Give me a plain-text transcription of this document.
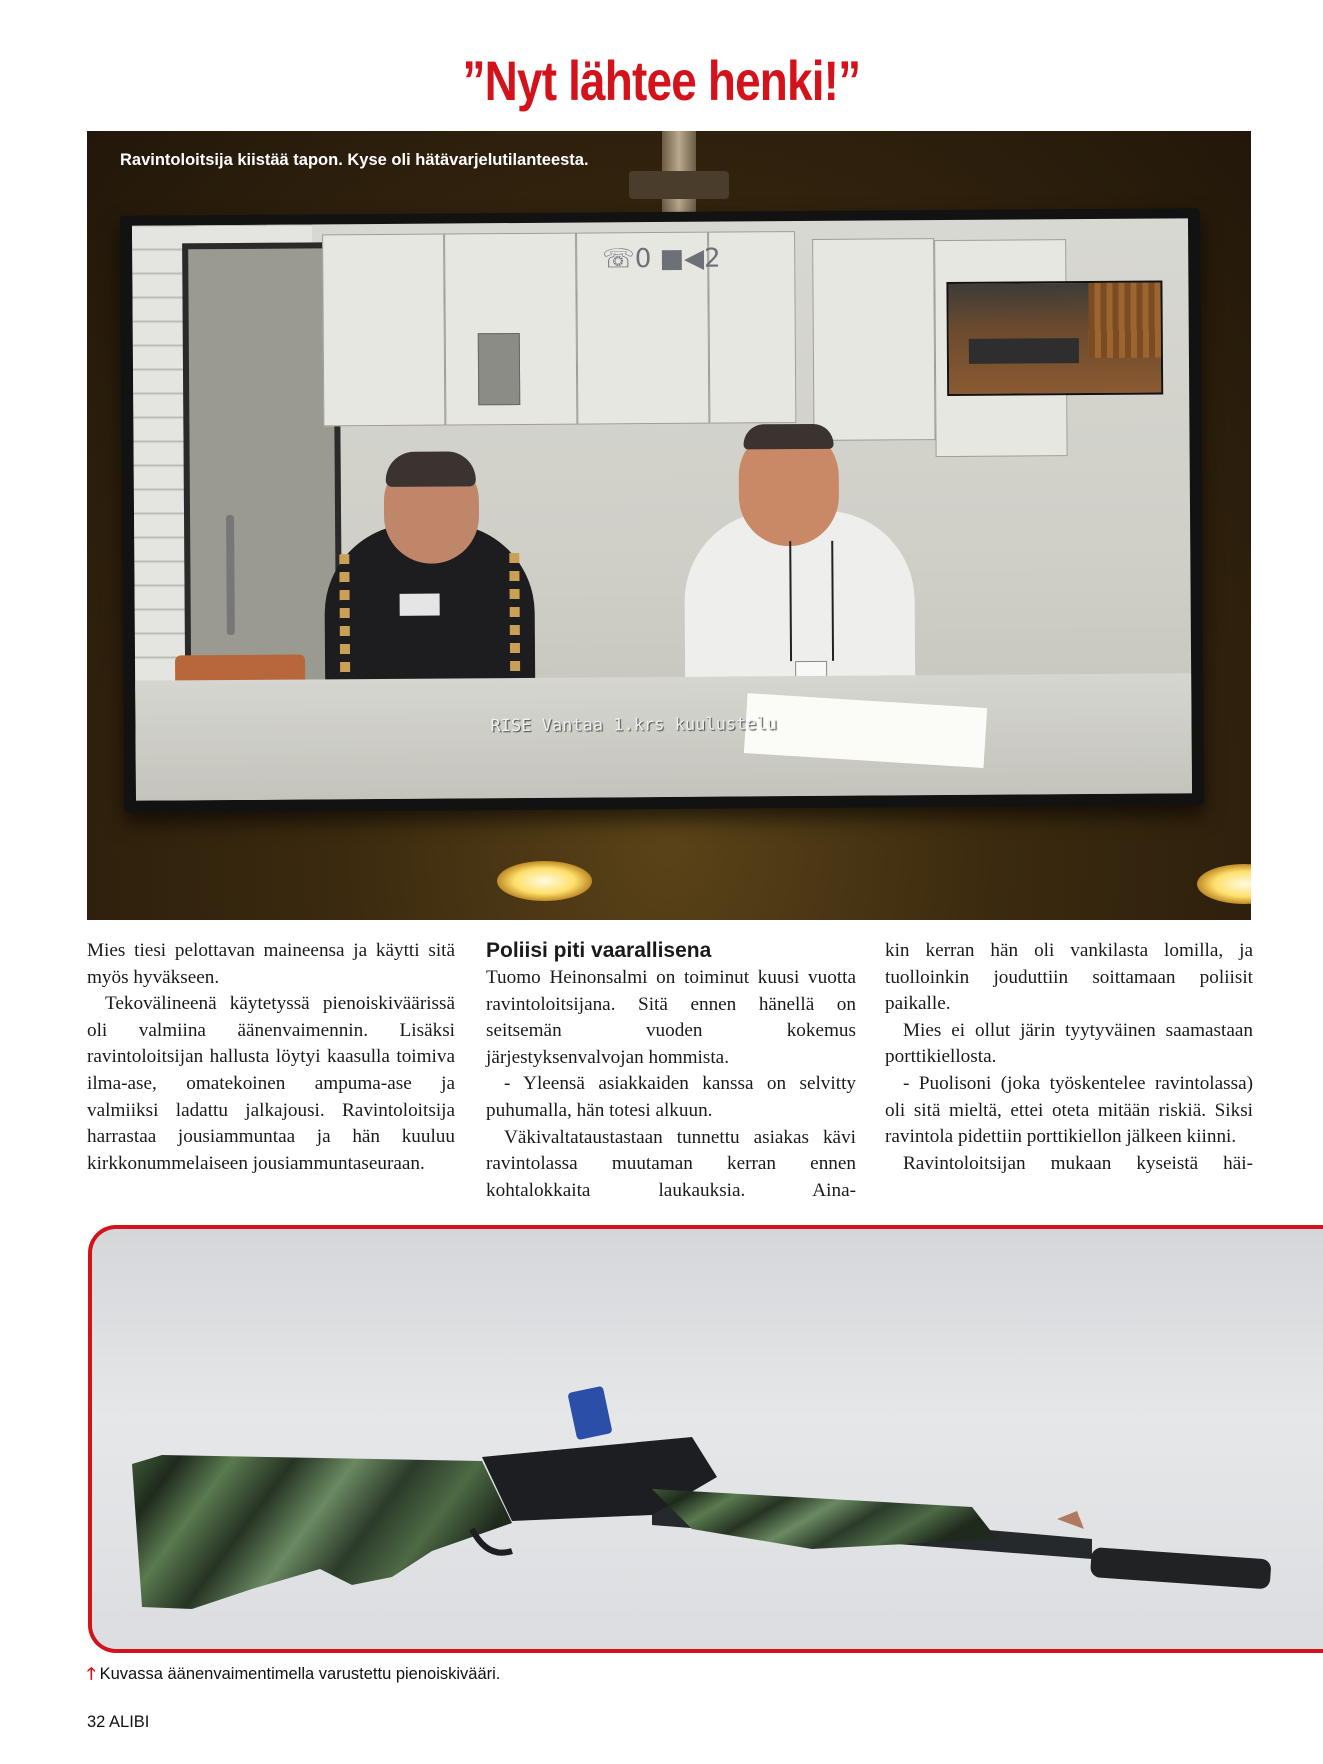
”Nyt lähtee henki!”
☏0 ■◀2
RISE Vantaa 1.krs kuulustelu
Ravintoloitsija kiistää tapon. Kyse oli hätävarjelutilanteesta.

Mies tiesi pelottavan maineensa ja käytti sitä myös hyväkseen.

Tekovälineenä käytetyssä pienoiskiväärissä oli valmiina äänenvaimennin. Lisäksi ravintoloitsijan hallusta löytyi kaasulla toimiva ilma-ase, omatekoinen ampuma-ase ja valmiiksi ladattu jalkajousi. Ravintoloitsija harrastaa jousiammuntaa ja hän kuuluu kirkkonummelaiseen jousiammuntaseuraan.

Poliisi piti vaarallisena

Tuomo Heinonsalmi on toiminut kuusi vuotta ravintoloitsijana. Sitä ennen hänellä on seitsemän vuoden kokemus järjestyksenvalvojan hommista.

- Yleensä asiakkaiden kanssa on selvitty puhumalla, hän totesi alkuun.

Väkivaltataustastaan tunnettu asiakas kävi ravintolassa muutaman kerran ennen kohtalokkaita laukauksia. Aina-

kin kerran hän oli vankilasta lomilla, ja tuolloinkin jouduttiin soittamaan poliisit paikalle.

Mies ei ollut järin tyytyväinen saamastaan porttikiellosta.

- Puolisoni (joka työskentelee ravintolassa) oli sitä mieltä, ettei oteta mitään riskiä. Siksi ravintola pidettiin porttikiellon jälkeen kiinni.

Ravintoloitsijan mukaan kyseistä häi-

🡑 Kuvassa äänenvaimentimella varustettu pienoiskivääri.
32 ALIBI
